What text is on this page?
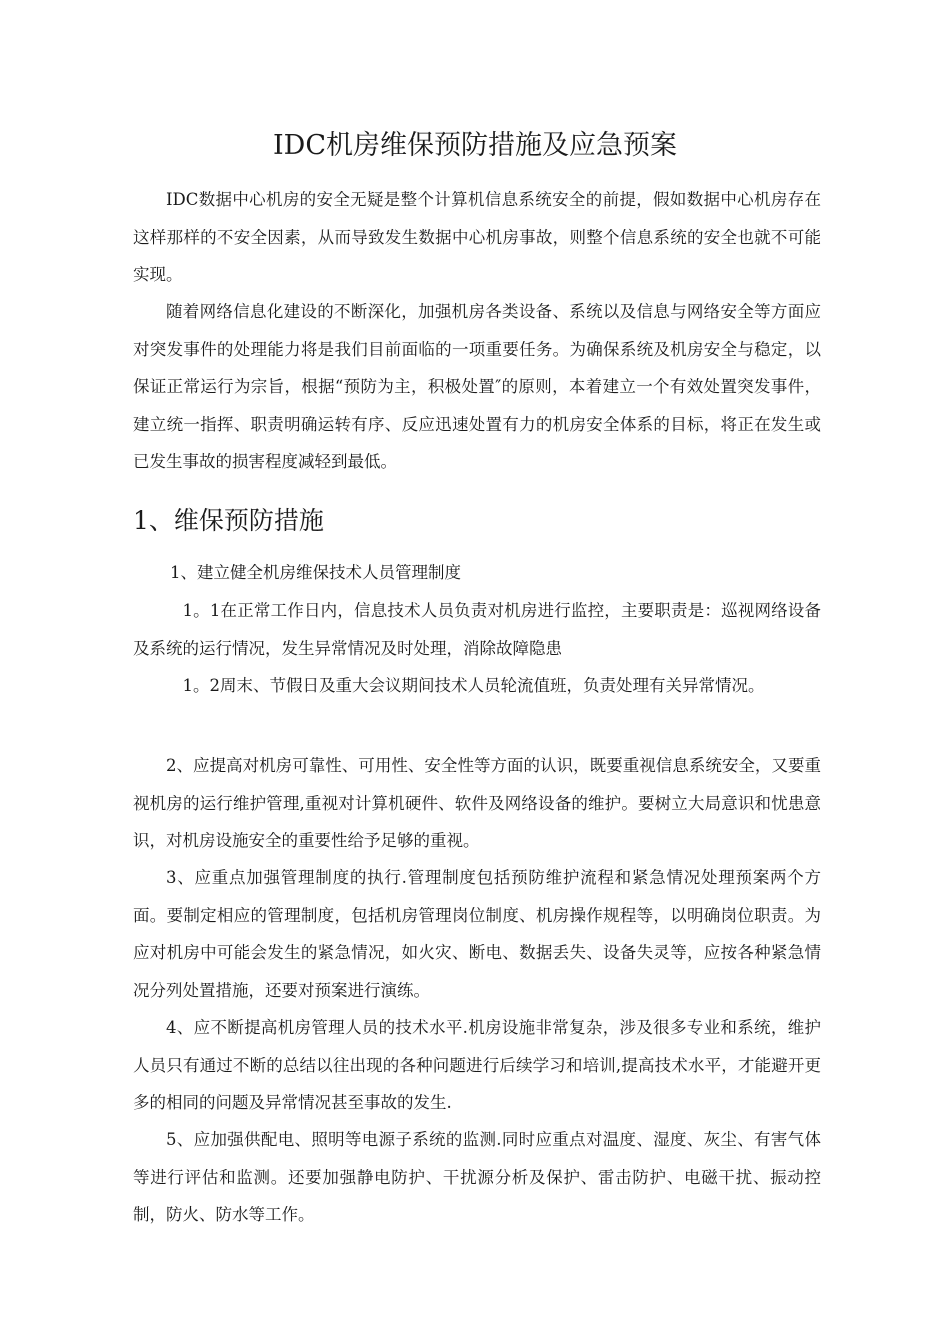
IDC机房维保预防措施及应急预案

IDC数据中心机房的安全无疑是整个计算机信息系统安全的前提，假如数据中心机房存在这样那样的不安全因素，从而导致发生数据中心机房事故，则整个信息系统的安全也就不可能实现。

随着网络信息化建设的不断深化，加强机房各类设备、系统以及信息与网络安全等方面应对突发事件的处理能力将是我们目前面临的一项重要任务。为确保系统及机房安全与稳定，以保证正常运行为宗旨，根据“预防为主，积极处置″的原则，本着建立一个有效处置突发事件，建立统一指挥、职责明确运转有序、反应迅速处置有力的机房安全体系的目标，将正在发生或已发生事故的损害程度减轻到最低。

1、维保预防措施
1、建立健全机房维保技术人员管理制度

1。1在正常工作日内，信息技术人员负责对机房进行监控，主要职责是：巡视网络设备及系统的运行情况，发生异常情况及时处理，消除故障隐患

1。2周末、节假日及重大会议期间技术人员轮流值班，负责处理有关异常情况。

2、应提高对机房可靠性、可用性、安全性等方面的认识，既要重视信息系统安全，又要重视机房的运行维护管理,重视对计算机硬件、软件及网络设备的维护。要树立大局意识和忧患意识，对机房设施安全的重要性给予足够的重视。

3、应重点加强管理制度的执行.管理制度包括预防维护流程和紧急情况处理预案两个方面。要制定相应的管理制度，包括机房管理岗位制度、机房操作规程等，以明确岗位职责。为应对机房中可能会发生的紧急情况，如火灾、断电、数据丢失、设备失灵等，应按各种紧急情况分列处置措施，还要对预案进行演练。

4、应不断提高机房管理人员的技术水平.机房设施非常复杂，涉及很多专业和系统，维护人员只有通过不断的总结以往出现的各种问题进行后续学习和培训,提高技术水平，才能避开更多的相同的问题及异常情况甚至事故的发生.

5、应加强供配电、照明等电源子系统的监测.同时应重点对温度、湿度、灰尘、有害气体等进行评估和监测。还要加强静电防护、干扰源分析及保护、雷击防护、电磁干扰、振动控制，防火、防水等工作。
